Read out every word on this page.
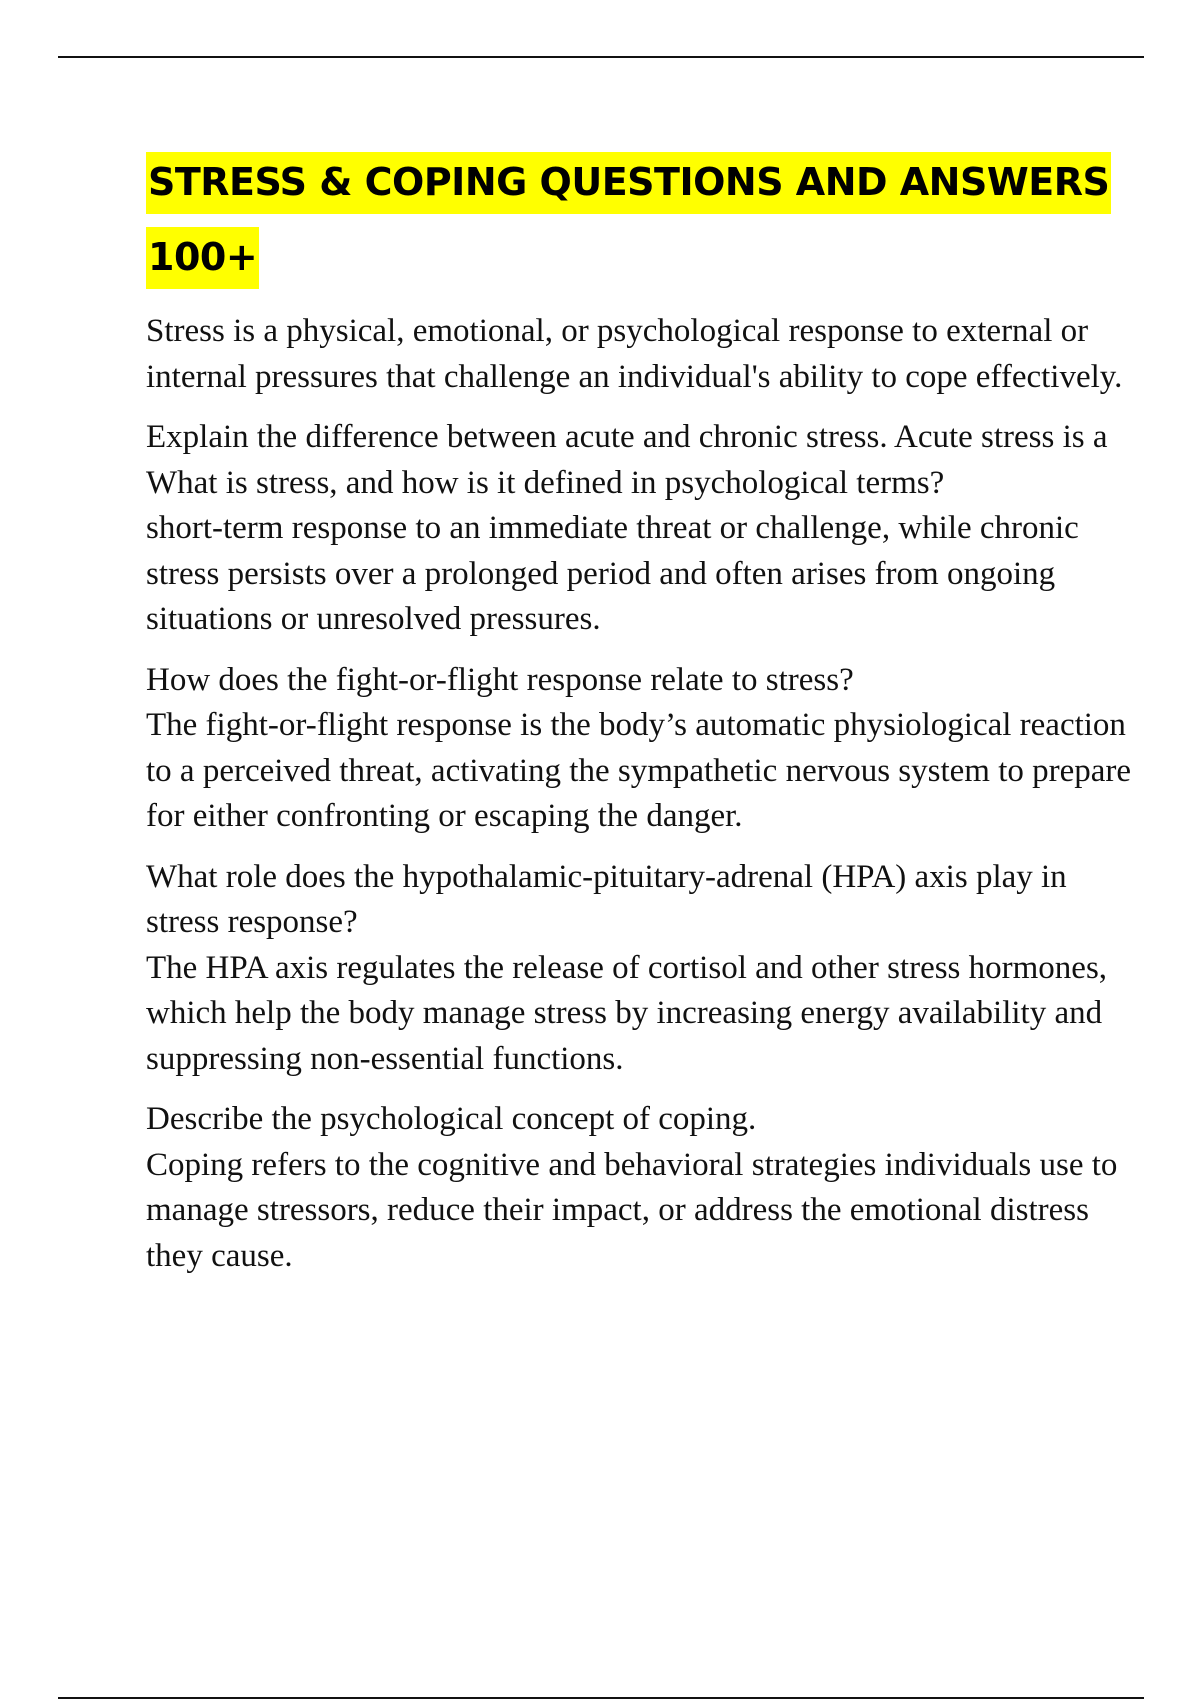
STRESS & COPING QUESTIONS AND ANSWERS 100+

Stress is a physical, emotional, or psychological response to external or internal pressures that challenge an individual's ability to cope effectively.

Explain the difference between acute and chronic stress. Acute stress is a What is stress, and how is it defined in psychological terms?
short-term response to an immediate threat or challenge, while chronic stress persists over a prolonged period and often arises from ongoing situations or unresolved pressures.

How does the fight-or-flight response relate to stress?
The fight-or-flight response is the body’s automatic physiological reaction to a perceived threat, activating the sympathetic nervous system to prepare for either confronting or escaping the danger.

What role does the hypothalamic-pituitary-adrenal (HPA) axis play in stress response?
The HPA axis regulates the release of cortisol and other stress hormones, which help the body manage stress by increasing energy availability and suppressing non-essential functions.

Describe the psychological concept of coping.
Coping refers to the cognitive and behavioral strategies individuals use to manage stressors, reduce their impact, or address the emotional distress they cause.
